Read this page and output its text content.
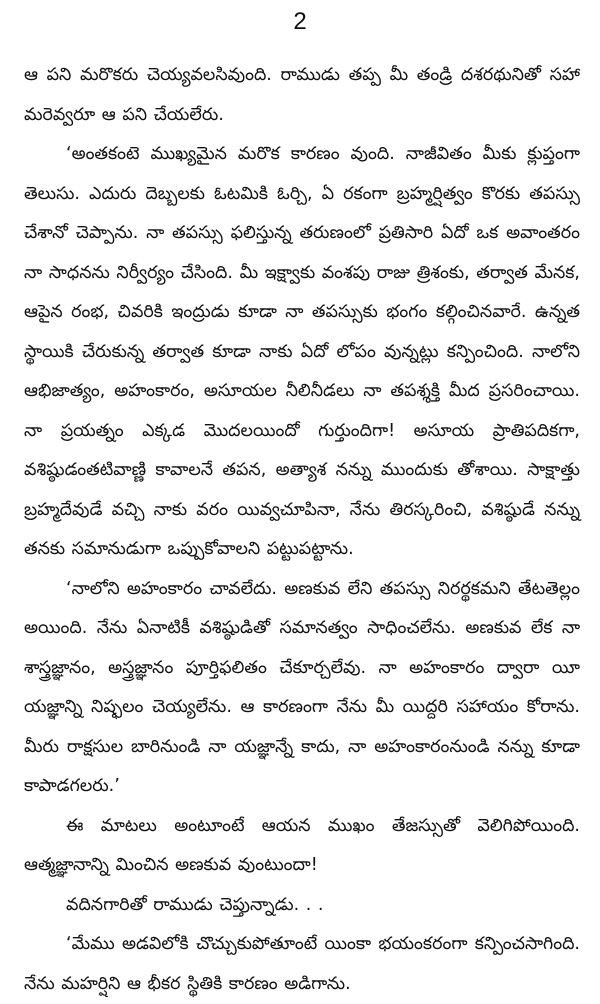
2

ఆ పని మరొకరు చెయ్యవలసివుంది. రాముడు తప్ప మీ తండ్రి దశరథునితో సహా మరెవ్వరూ ఆ పని చేయలేరు.

‘అంతకంటె ముఖ్యమైన మరొక కారణం వుంది. నాజీవితం మీకు క్లుప్తంగా తెలుసు. ఎదురు దెబ్బలకు ఓటమికి ఓర్చి, ఏ రకంగా బ్రహ్మర్షిత్వం కొరకు తపస్సు చేశానో చెప్పాను. నా తపస్సు ఫలిస్తున్న తరుణంలో ప్రతిసారి ఏదో ఒక అవాంతరం నా సాధనను నిర్వీర్యం చేసింది. మీ ఇక్ష్వాకు వంశపు రాజు త్రిశంకు, తర్వాత మేనక, ఆపైన రంభ, చివరికి ఇంద్రుడు కూడా నా తపస్సుకు భంగం కల్గించినవారే. ఉన్నత స్థాయికి చేరుకున్న తర్వాత కూడా నాకు ఏదో లోపం వున్నట్లు కన్పించింది. నాలోని ఆభిజాత్యం, అహంకారం, అసూయల నీలినీడలు నా తపశ్శక్తి మీద ప్రసరించాయి. నా ప్రయత్నం ఎక్కడ మొదలయిందో గుర్తుందిగా! అసూయ ప్రాతిపదికగా, వశిష్ఠుడంతటివాణ్ణి కావాలనే తపన, అత్యాశ నన్ను ముందుకు తోశాయి. సాక్షాత్తు బ్రహ్మదేవుడే వచ్చి నాకు వరం యివ్వచూపినా, నేను తిరస్కరించి, వశిష్ఠుడే నన్ను తనకు సమానుడుగా ఒప్పుకోవాలని పట్టుపట్టాను.

‘నాలోని అహంకారం చావలేదు. అణకువ లేని తపస్సు నిరర్థకమని తేటతెల్లం అయింది. నేను ఏనాటికీ వశిష్ఠుడితో సమానత్వం సాధించలేను. అణకువ లేక నా శాస్త్రజ్ఞానం, అస్త్రజ్ఞానం పూర్తిఫలితం చేకూర్చలేవు. నా అహంకారం ద్వారా యీ యజ్ఞాన్ని నిష్ఫలం చెయ్యలేను. ఆ కారణంగా నేను మీ యిద్దరి సహాయం కోరాను. మీరు రాక్షసుల బారినుండి నా యజ్ఞాన్నే కాదు, నా అహంకారంనుండి నన్ను కూడా కాపాడగలరు.’

ఈ మాటలు అంటూంటే ఆయన ముఖం తేజస్సుతో వెలిగిపోయింది. ఆత్మజ్ఞానాన్ని మించిన అణకువ వుంటుందా!

వదినగారితో రాముడు చెప్తున్నాడు. . .

‘మేము అడవిలోకి చొచ్చుకుపోతూంటే యింకా భయంకరంగా కన్పించసాగింది. నేను మహర్షిని ఆ భీకర స్థితికి కారణం అడిగాను.
